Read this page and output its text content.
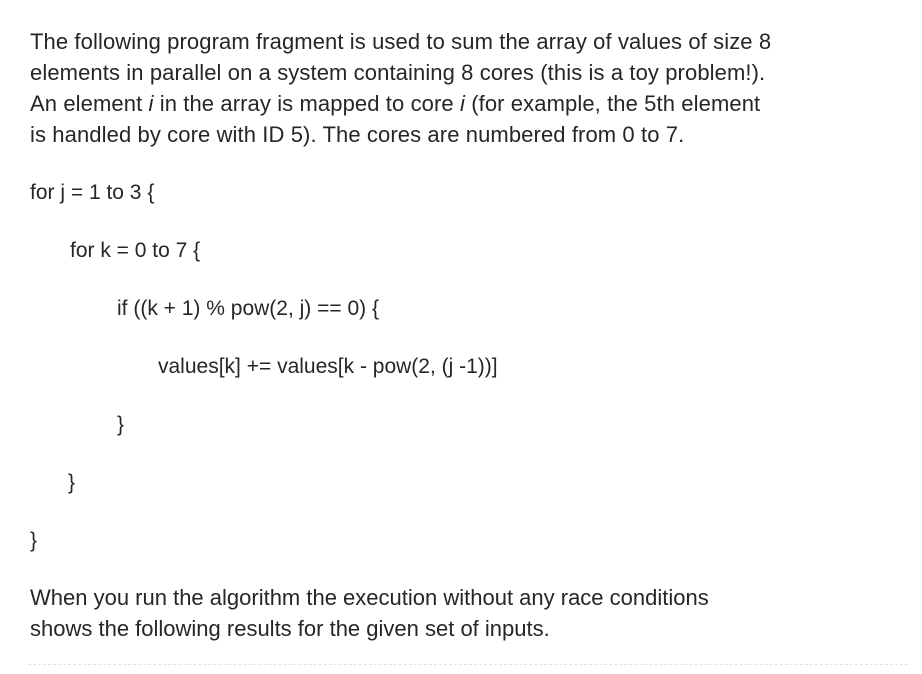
The following program fragment is used to sum the array of values of size 8
elements in parallel on a system containing 8 cores (this is a toy problem!).
An element i in the array is mapped to core i (for example, the 5th element
is handled by core with ID 5). The cores are numbered from 0 to 7.
for j = 1 to 3 {
for k = 0 to 7 {
if ((k + 1) % pow(2, j) == 0) {
values[k] += values[k - pow(2, (j -1))]
}
}
}
When you run the algorithm the execution without any race conditions
shows the following results for the given set of inputs.
